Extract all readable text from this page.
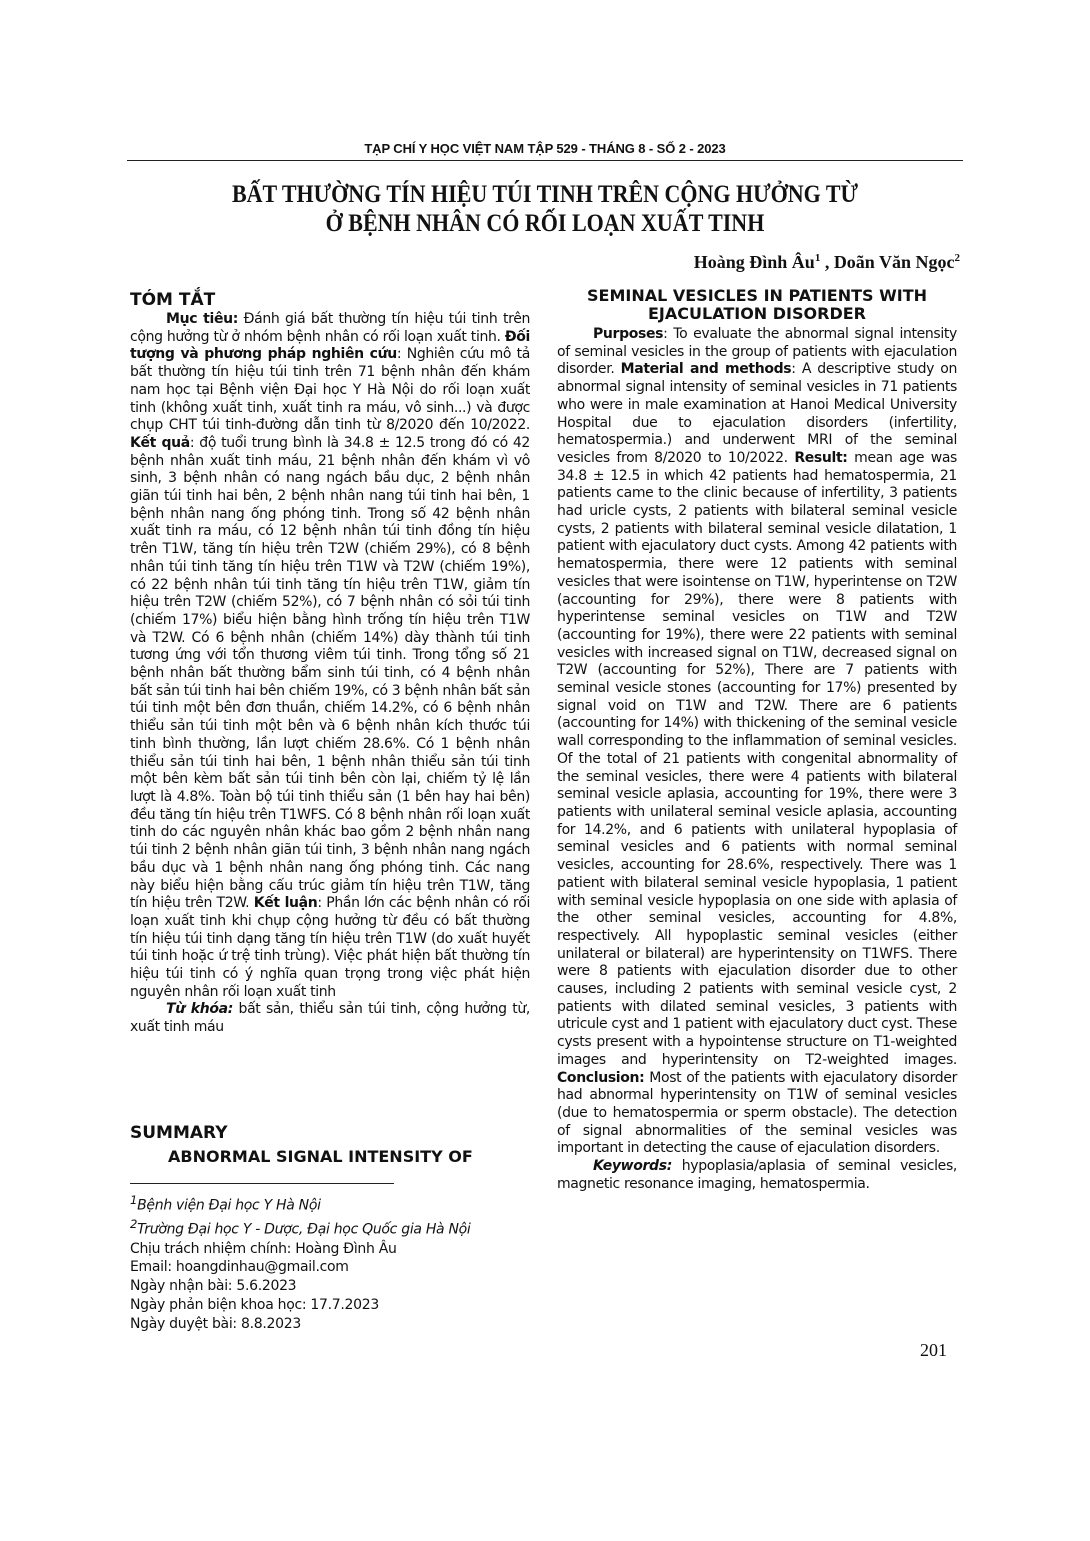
TẠP CHÍ Y HỌC VIỆT NAM TẬP 529 - THÁNG 8 - SỐ 2 - 2023
BẤT THƯỜNG TÍN HIỆU TÚI TINH TRÊN CỘNG HƯỞNG TỪ
Ở BỆNH NHÂN CÓ RỐI LOẠN XUẤT TINH
Hoàng Đình $Âu^1$ , Doãn Văn Ngọc$^2$
TÓM TẮT

Mục tiêu: Đánh giá bất thường tín hiệu túi tinh trên cộng hưởng từ ở nhóm bệnh nhân có rối loạn xuất tinh. Đối tượng và phương pháp nghiên cứu: Nghiên cứu mô tả bất thường tín hiệu túi tinh trên 71 bệnh nhân đến khám nam học tại Bệnh viện Đại học Y Hà Nội do rối loạn xuất tinh (không xuất tinh, xuất tinh ra máu, vô sinh...) và được chụp CHT túi tinh-đường dẫn tinh từ 8/2020 đến 10/2022. Kết quả: độ tuổi trung bình là 34.8 ± 12.5 trong đó có 42 bệnh nhân xuất tinh máu, 21 bệnh nhân đến khám vì vô sinh, 3 bệnh nhân có nang ngách bầu dục, 2 bệnh nhân giãn túi tinh hai bên, 2 bệnh nhân nang túi tinh hai bên, 1 bệnh nhân nang ống phóng tinh. Trong số 42 bệnh nhân xuất tinh ra máu, có 12 bệnh nhân túi tinh đồng tín hiệu trên T1W, tăng tín hiệu trên T2W (chiếm 29%), có 8 bệnh nhân túi tinh tăng tín hiệu trên T1W và T2W (chiếm 19%), có 22 bệnh nhân túi tinh tăng tín hiệu trên T1W, giảm tín hiệu trên T2W (chiếm 52%), có 7 bệnh nhân có sỏi túi tinh (chiếm 17%) biểu hiện bằng hình trống tín hiệu trên T1W và T2W. Có 6 bệnh nhân (chiếm 14%) dày thành túi tinh tương ứng với tổn thương viêm túi tinh. Trong tổng số 21 bệnh nhân bất thường bẩm sinh túi tinh, có 4 bệnh nhân bất sản túi tinh hai bên chiếm 19%, có 3 bệnh nhân bất sản túi tinh một bên đơn thuần, chiếm 14.2%, có 6 bệnh nhân thiểu sản túi tinh một bên và 6 bệnh nhân kích thước túi tinh bình thường, lần lượt chiếm 28.6%. Có 1 bệnh nhân thiểu sản túi tinh hai bên, 1 bệnh nhân thiểu sản túi tinh một bên kèm bất sản túi tinh bên còn lại, chiếm tỷ lệ lần lượt là 4.8%. Toàn bộ túi tinh thiểu sản (1 bên hay hai bên) đều tăng tín hiệu trên T1WFS. Có 8 bệnh nhân rối loạn xuất tinh do các nguyên nhân khác bao gồm 2 bệnh nhân nang túi tinh 2 bệnh nhân giãn túi tinh, 3 bệnh nhân nang ngách bầu dục và 1 bệnh nhân nang ống phóng tinh. Các nang này biểu hiện bằng cấu trúc giảm tín hiệu trên T1W, tăng tín hiệu trên T2W. Kết luận: Phần lớn các bệnh nhân có rối loạn xuất tinh khi chụp cộng hưởng từ đều có bất thường tín hiệu túi tinh dạng tăng tín hiệu trên T1W (do xuất huyết túi tinh hoặc ứ trệ tinh trùng). Việc phát hiện bất thường tín hiệu túi tinh có ý nghĩa quan trọng trong việc phát hiện nguyên nhân rối loạn xuất tinh

Từ khóa: bất sản, thiểu sản túi tinh, cộng hưởng từ, xuất tinh máu

SUMMARY
ABNORMAL SIGNAL INTENSITY OF
$^1$Bệnh viện Đại học Y Hà Nội
$^2$Trường Đại học Y - Dược, Đại học Quốc gia Hà Nội
Chịu trách nhiệm chính: Hoàng Đình Âu
Email: hoangdinhau@gmail.com
Ngày nhận bài: 5.6.2023
Ngày phản biện khoa học: 17.7.2023
Ngày duyệt bài: 8.8.2023
SEMINAL VESICLES IN PATIENTS WITH
EJACULATION DISORDER

Purposes: To evaluate the abnormal signal intensity of seminal vesicles in the group of patients with ejaculation disorder. Material and methods: A descriptive study on abnormal signal intensity of seminal vesicles in 71 patients who were in male examination at Hanoi Medical University Hospital due to ejaculation disorders (infertility, hematospermia.) and underwent MRI of the seminal vesicles from 8/2020 to 10/2022. Result: mean age was 34.8 ± 12.5 in which 42 patients had hematospermia, 21 patients came to the clinic because of infertility, 3 patients had uricle cysts, 2 patients with bilateral seminal vesicle cysts, 2 patients with bilateral seminal vesicle dilatation, 1 patient with ejaculatory duct cysts. Among 42 patients with hematospermia, there were 12 patients with seminal vesicles that were isointense on T1W, hyperintense on T2W (accounting for 29%), there were 8 patients with hyperintense seminal vesicles on T1W and T2W (accounting for 19%), there were 22 patients with seminal vesicles with increased signal on T1W, decreased signal on T2W (accounting for 52%), There are 7 patients with seminal vesicle stones (accounting for 17%) presented by signal void on T1W and T2W. There are 6 patients (accounting for 14%) with thickening of the seminal vesicle wall corresponding to the inflammation of seminal vesicles. Of the total of 21 patients with congenital abnormality of the seminal vesicles, there were 4 patients with bilateral seminal vesicle aplasia, accounting for 19%, there were 3 patients with unilateral seminal vesicle aplasia, accounting for 14.2%, and 6 patients with unilateral hypoplasia of seminal vesicles and 6 patients with normal seminal vesicles, accounting for 28.6%, respectively. There was 1 patient with bilateral seminal vesicle hypoplasia, 1 patient with seminal vesicle hypoplasia on one side with aplasia of the other seminal vesicles, accounting for 4.8%, respectively. All hypoplastic seminal vesicles (either unilateral or bilateral) are hyperintensity on T1WFS. There were 8 patients with ejaculation disorder due to other causes, including 2 patients with seminal vesicle cyst, 2 patients with dilated seminal vesicles, 3 patients with utricule cyst and 1 patient with ejaculatory duct cyst. These cysts present with a hypointense structure on T1-weighted images and hyperintensity on T2-weighted images. Conclusion: Most of the patients with ejaculatory disorder had abnormal hyperintensity on T1W of seminal vesicles (due to hematospermia or sperm obstacle). The detection of signal abnormalities of the seminal vesicles was important in detecting the cause of ejaculation disorders.

Keywords: hypoplasia/aplasia of seminal vesicles, magnetic resonance imaging, hematospermia.

201
